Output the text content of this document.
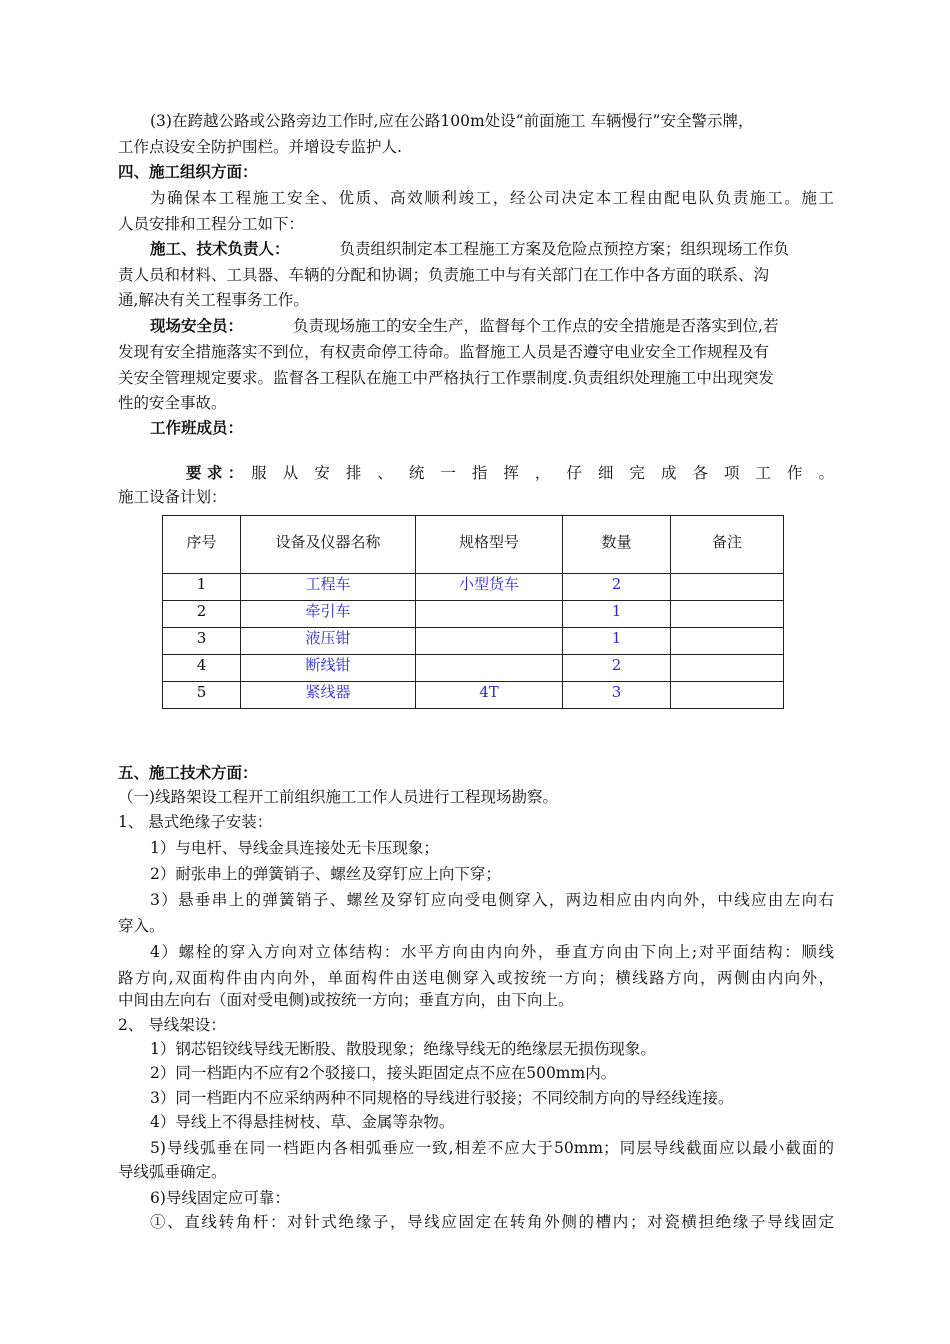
(3)在跨越公路或公路旁边工作时,应在公路100m处设“前面施工 车辆慢行”安全警示牌，
工作点设安全防护围栏。并增设专监护人.
四、施工组织方面：
为确保本工程施工安全、优质、高效顺利竣工，经公司决定本工程由配电队负责施工。施工
人员安排和工程分工如下：
施工、技术负责人：	负责组织制定本工程施工方案及危险点预控方案；组织现场工作负
责人员和材料、工具器、车辆的分配和协调；负责施工中与有关部门在工作中各方面的联系、沟
通,解决有关工程事务工作。
现场安全员：	负责现场施工的安全生产，监督每个工作点的安全措施是否落实到位,若
发现有安全措施落实不到位，有权责命停工待命。监督施工人员是否遵守电业安全工作规程及有
关安全管理规定要求。监督各工程队在施工中严格执行工作票制度.负责组织处理施工中出现突发
性的安全事故。
工作班成员：
要 求 ： 服 从 安 排 、 统 一 指 挥 ， 仔 细 完 成 各 项 工 作 。
施工设备计划：
序号	设备及仪器名称	规格型号	数量	备注
1	工程车	小型货车	2	
2	牵引车		1	
3	液压钳		1	
4	断线钳		2	
5	紧线器	4T	3	
五、施工技术方面：
（一)线路架设工程开工前组织施工工作人员进行工程现场勘察。
1、 悬式绝缘子安装：
1）与电杆、导线金具连接处无卡压现象；
2）耐张串上的弹簧销子、螺丝及穿钉应上向下穿；
3）悬垂串上的弹簧销子、螺丝及穿钉应向受电侧穿入，两边相应由内向外，中线应由左向右
穿入。
4）螺栓的穿入方向对立体结构：水平方向由内向外，垂直方向由下向上;对平面结构：顺线
路方向,双面构件由内向外，单面构件由送电侧穿入或按统一方向；横线路方向，两侧由内向外，
中间由左向右（面对受电侧)或按统一方向；垂直方向，由下向上。
2、 导线架设：
1）钢芯铝铰线导线无断股、散股现象；绝缘导线无的绝缘层无损伤现象。
2）同一档距内不应有2个驳接口，接头距固定点不应在500mm内。
3）同一档距内不应采纳两种不同规格的导线进行驳接；不同绞制方向的导经线连接。
4）导线上不得悬挂树枝、草、金属等杂物。
5)导线弧垂在同一档距内各相弧垂应一致,相差不应大于50mm；同层导线截面应以最小截面的
导线弧垂确定。
6)导线固定应可靠：
①、直线转角杆：对针式绝缘子，导线应固定在转角外侧的槽内；对瓷横担绝缘子导线固定
